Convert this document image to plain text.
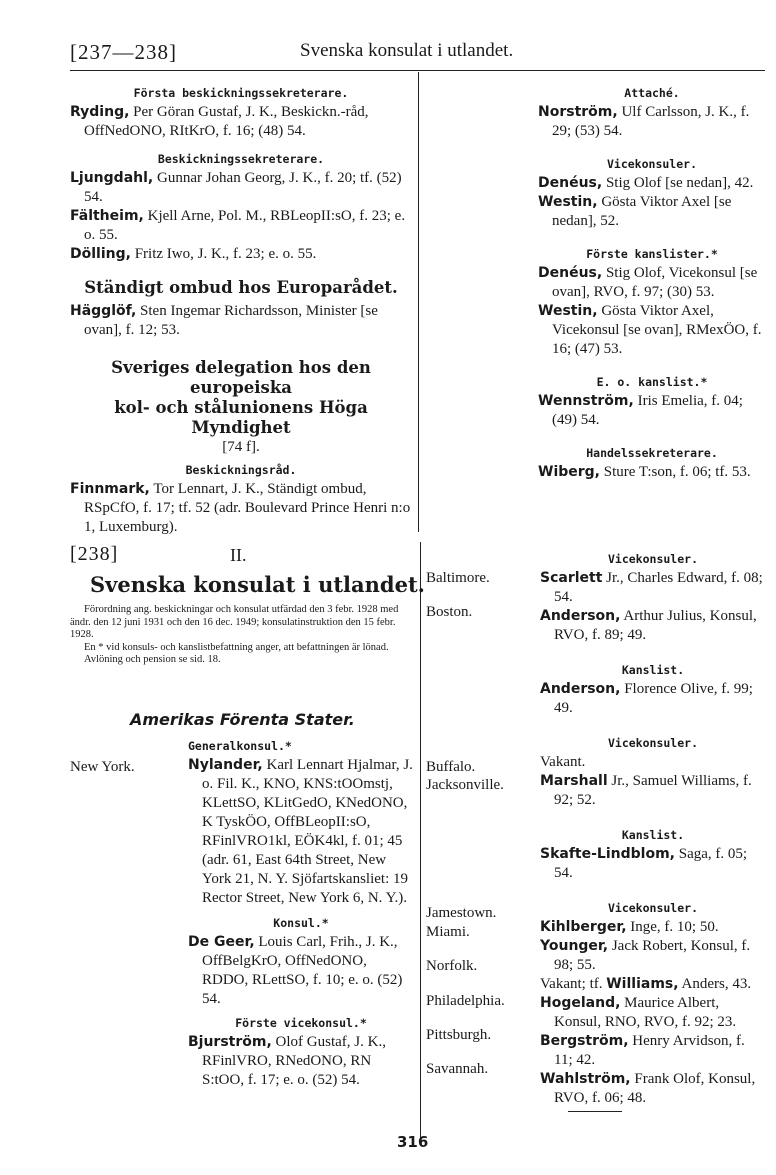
[237—238]	Svenska konsulat i utlandet.

Första beskickningssekreterare.

Ryding, Per Göran Gustaf, J. K., Beskickn.-råd, OffNedONO, RItKrO, f. 16; (48) 54.

Beskickningssekreterare.

Ljungdahl, Gunnar Johan Georg, J. K., f. 20; tf. (52) 54.

Fältheim, Kjell Arne, Pol. M., RBLeopII:sO, f. 23; e. o. 55.

Dölling, Fritz Iwo, J. K., f. 23; e. o. 55.

Ständigt ombud hos Europarådet.

Hägglöf, Sten Ingemar Richardsson, Minister [se ovan], f. 12; 53.

Sveriges delegation hos den europeiska

kol- och stålunionens Höga Myndighet

[74 f].

Beskickningsråd.

Finnmark, Tor Lennart, J. K., Ständigt ombud, RSpCfO, f. 17; tf. 52 (adr. Boulevard Prince Henri n:o 1, Luxemburg).

[238]	II.
Svenska konsulat i utlandet.

Förordning ang. beskickningar och konsulat utfärdad den 3 febr. 1928 med ändr. den 12 juni 1931 och den 16 dec. 1949; konsulatinstruktion den 15 febr. 1928.

En * vid konsuls- och kanslistbefattning anger, att befattningen är lönad.

Avlöning och pension se sid. 18.

Amerikas Förenta Stater.
New York.

Generalkonsul.*

Nylander, Karl Lennart Hjalmar, J. o. Fil. K., KNO, KNS:tOOmstj, KLettSO, KLitGedO, KNedONO, K TyskÖO, OffBLeopII:sO, RFinlVRO1kl, EÖK4kl, f. 01; 45 (adr. 61, East 64th Street, New York 21, N. Y. Sjöfartskansliet: 19 Rector Street, New York 6, N. Y.).

Konsul.*

De Geer, Louis Carl, Frih., J. K., OffBelgKrO, OffNedONO, RDDO, RLettSO, f. 10; e. o. (52) 54.

Förste vicekonsul.*

Bjurström, Olof Gustaf, J. K., RFinlVRO, RNedONO, RN S:tOO, f. 17; e. o. (52) 54.

Attaché.

Norström, Ulf Carlsson, J. K., f. 29; (53) 54.

Vicekonsuler.

Denéus, Stig Olof [se nedan], 42.

Westin, Gösta Viktor Axel [se nedan], 52.

Förste kanslister.*

Denéus, Stig Olof, Vicekonsul [se ovan], RVO, f. 97; (30) 53.

Westin, Gösta Viktor Axel, Vicekonsul [se ovan], RMexÖO, f. 16; (47) 53.

E. o. kanslist.*

Wennström, Iris Emelia, f. 04; (49) 54.

Handelssekreterare.

Wiberg, Sture T:son, f. 06; tf. 53.

Baltimore.
Boston.
Buffalo.
Jacksonville.
Jamestown.
Miami.
Norfolk.
Philadelphia.
Pittsburgh.
Savannah.

Vicekonsuler.

Scarlett Jr., Charles Edward, f. 08; 54.

Anderson, Arthur Julius, Konsul, RVO, f. 89; 49.

Kanslist.

Anderson, Florence Olive, f. 99; 49.

Vicekonsuler.

Vakant.

Marshall Jr., Samuel Williams, f. 92; 52.

Kanslist.

Skafte-Lindblom, Saga, f. 05; 54.

Vicekonsuler.

Kihlberger, Inge, f. 10; 50.

Younger, Jack Robert, Konsul, f. 98; 55.

Vakant; tf. Williams, Anders, 43.

Hogeland, Maurice Albert, Konsul, RNO, RVO, f. 92; 23.

Bergström, Henry Arvidson, f. 11; 42.

Wahlström, Frank Olof, Konsul, RVO, f. 06; 48.

316
